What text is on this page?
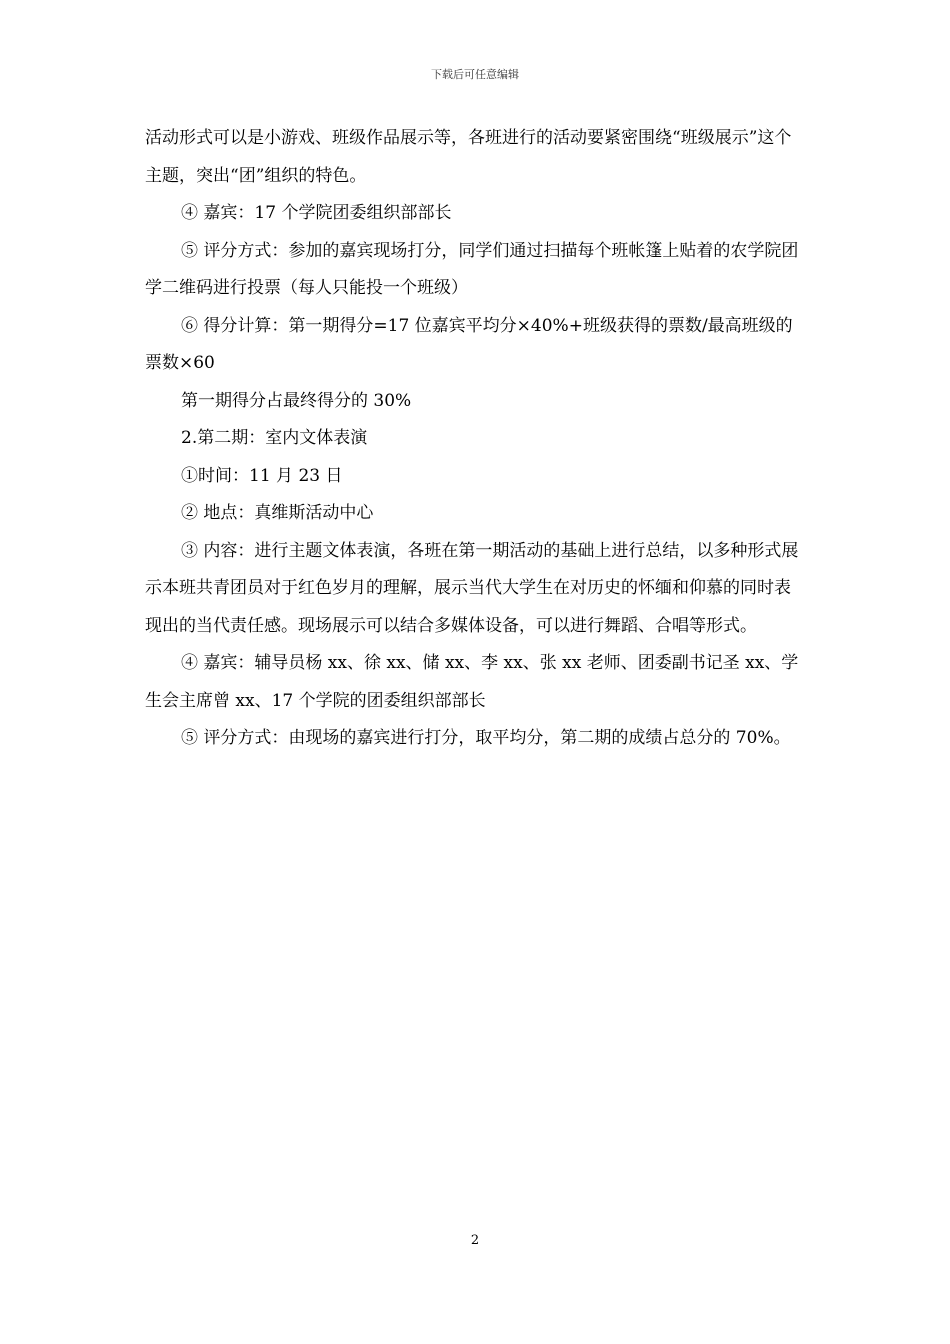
下载后可任意编辑

活动形式可以是小游戏、班级作品展示等，各班进行的活动要紧密围绕“班级展示”这个主题，突出“团”组织的特色。

④ 嘉宾：17 个学院团委组织部部长

⑤ 评分方式：参加的嘉宾现场打分，同学们通过扫描每个班帐篷上贴着的农学院团学二维码进行投票（每人只能投一个班级）

⑥ 得分计算：第一期得分=17 位嘉宾平均分×40%+班级获得的票数/最高班级的票数×60

第一期得分占最终得分的 30%

2.第二期：室内文体表演

①时间：11 月 23 日

② 地点：真维斯活动中心

③ 内容：进行主题文体表演，各班在第一期活动的基础上进行总结，以多种形式展示本班共青团员对于红色岁月的理解，展示当代大学生在对历史的怀缅和仰慕的同时表现出的当代责任感。现场展示可以结合多媒体设备，可以进行舞蹈、合唱等形式。

④ 嘉宾：辅导员杨 xx、徐 xx、储 xx、李 xx、张 xx 老师、团委副书记圣 xx、学生会主席曾 xx、17 个学院的团委组织部部长

⑤ 评分方式：由现场的嘉宾进行打分，取平均分，第二期的成绩占总分的 70%。

2
